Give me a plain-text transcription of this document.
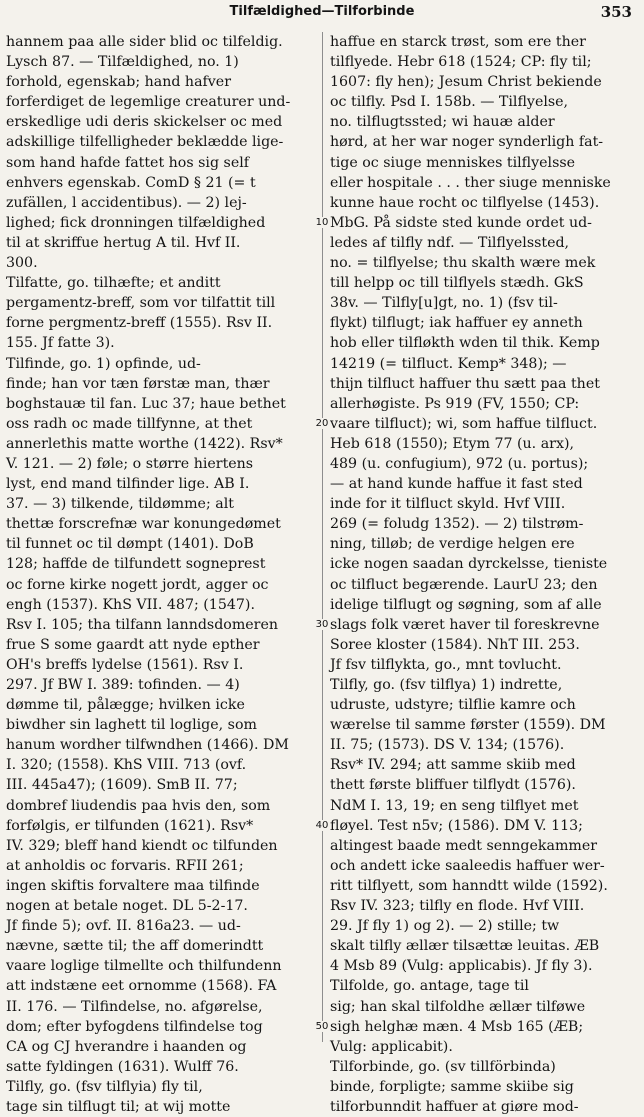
Tilfældighed—Tilforbinde	353
hannem paa alle sider blid oc tilfeldig.
Lysch 87. — Tilfældighed, no. 1)
forhold, egenskab; hand hafver
forferdiget de legemlige creaturer und-
erskedlige udi deris skickelser oc med
adskillige tilfelligheder beklædde lige-
som hand hafde fattet hos sig self
enhvers egenskab. ComD § 21 (= t
zufällen, l accidentibus). — 2) lej-
lighed; fick dronningen tilfældighed
til at skriffue hertug A til. Hvf II.
300.
Tilfatte, go. tilhæfte; et anditt
pergamentz-breff, som vor tilfattit till
forne pergmentz-breff (1555). Rsv II.
155. Jf fatte 3).
Tilfinde, go. 1) opfinde, ud-
finde; han vor tæn førstæ man, thær
boghstauæ til fan. Luc 37; haue bethet
oss radh oc made tillfynne, at thet
annerlethis matte worthe (1422). Rsv*
V. 121. — 2) føle; o større hiertens
lyst, end mand tilfinder lige. AB I.
37. — 3) tilkende, tildømme; alt
thettæ forscrefnæ war konungedømet
til funnet oc til dømpt (1401). DoB
128; haffde de tilfundett sogneprest
oc forne kirke nogett jordt, agger oc
engh (1537). KhS VII. 487; (1547).
Rsv I. 105; tha tilfann lanndsdomeren
frue S some gaardt att nyde epther
OH's breffs lydelse (1561). Rsv I.
297. Jf BW I. 389: tofinden. — 4)
dømme til, pålægge; hvilken icke
biwdher sin laghett til loglige, som
hanum wordher tilfwndhen (1466). DM
I. 320; (1558). KhS VIII. 713 (ovf.
III. 445a47); (1609). SmB II. 77;
dombref liudendis paa hvis den, som
forfølgis, er tilfunden (1621). Rsv*
IV. 329; bleff hand kiendt oc tilfunden
at anholdis oc forvaris. RFII 261;
ingen skiftis forvaltere maa tilfinde
nogen at betale noget. DL 5-2-17.
Jf finde 5); ovf. II. 816a23. — ud-
nævne, sætte til; the aff domerindtt
vaare loglige tilmellte och thilfundenn
att indstæne eet ornomme (1568). FA
II. 176. — Tilfindelse, no. afgørelse,
dom; efter byfogdens tilfindelse tog
CA og CJ hverandre i haanden og
satte fyldingen (1631). Wulff 76.
Tilfly, go. (fsv tilflyia) fly til,
tage sin tilflugt til; at wij motte
10
20
30
40
50
haffue en starck trøst, som ere ther
tilflyede. Hebr 618 (1524; CP: fly til;
1607: fly hen); Jesum Christ bekiende
oc tilfly. Psd I. 158b. — Tilflyelse,
no. tilflugtssted; wi hauæ alder
hørd, at her war noger synderligh fat-
tige oc siuge menniskes tilflyelsse
eller hospitale . . . ther siuge menniske
kunne haue rocht oc tilflyelse (1453).
MbG. På sidste sted kunde ordet ud-
ledes af tilfly ndf. — Tilflyelssted,
no. = tilflyelse; thu skalth wære mek
till helpp oc till tilflyels stædh. GkS
38v. — Tilfly[u]gt, no. 1) (fsv til-
flykt) tilflugt; iak haffuer ey anneth
hob eller tilfløkth wden til thik. Kemp
14219 (= tilfluct. Kemp* 348); —
thijn tilfluct haffuer thu sætt paa thet
allerhøgiste. Ps 919 (FV, 1550; CP:
vaare tilfluct); wi, som haffue tilfluct.
Heb 618 (1550); Etym 77 (u. arx),
489 (u. confugium), 972 (u. portus);
— at hand kunde haffue it fast sted
inde for it tilfluct skyld. Hvf VIII.
269 (= foludg 1352). — 2) tilstrøm-
ning, tilløb; de verdige helgen ere
icke nogen saadan dyrckelsse, tieniste
oc tilfluct begærende. LaurU 23; den
idelige tilflugt og søgning, som af alle
slags folk været haver til foreskrevne
Soree kloster (1584). NhT III. 253.
Jf fsv tilflykta, go., mnt tovlucht.
Tilfly, go. (fsv tilflya) 1) indrette,
udruste, udstyre; tilflie kamre och
wærelse til samme førster (1559). DM
II. 75; (1573). DS V. 134; (1576).
Rsv* IV. 294; att samme skiib med
thett første bliffuer tilflydt (1576).
NdM I. 13, 19; en seng tilflyet met
fløyel. Test n5v; (1586). DM V. 113;
altingest baade medt senngekammer
och andett icke saaleedis haffuer wer-
ritt tilflyett, som hanndtt wilde (1592).
Rsv IV. 323; tilfly en flode. Hvf VIII.
29. Jf fly 1) og 2). — 2) stille; tw
skalt tilfly ællær tilsættæ leuitas. ÆB
4 Msb 89 (Vulg: applicabis). Jf fly 3).
Tilfolde, go. antage, tage til
sig; han skal tilfoldhe ællær tilføwe
sigh helghæ mæn. 4 Msb 165 (ÆB;
Vulg: applicabit).
Tilforbinde, go. (sv tillförbinda)
binde, forpligte; samme skiibe sig
tilforbunndit haffuer at giøre mod-
